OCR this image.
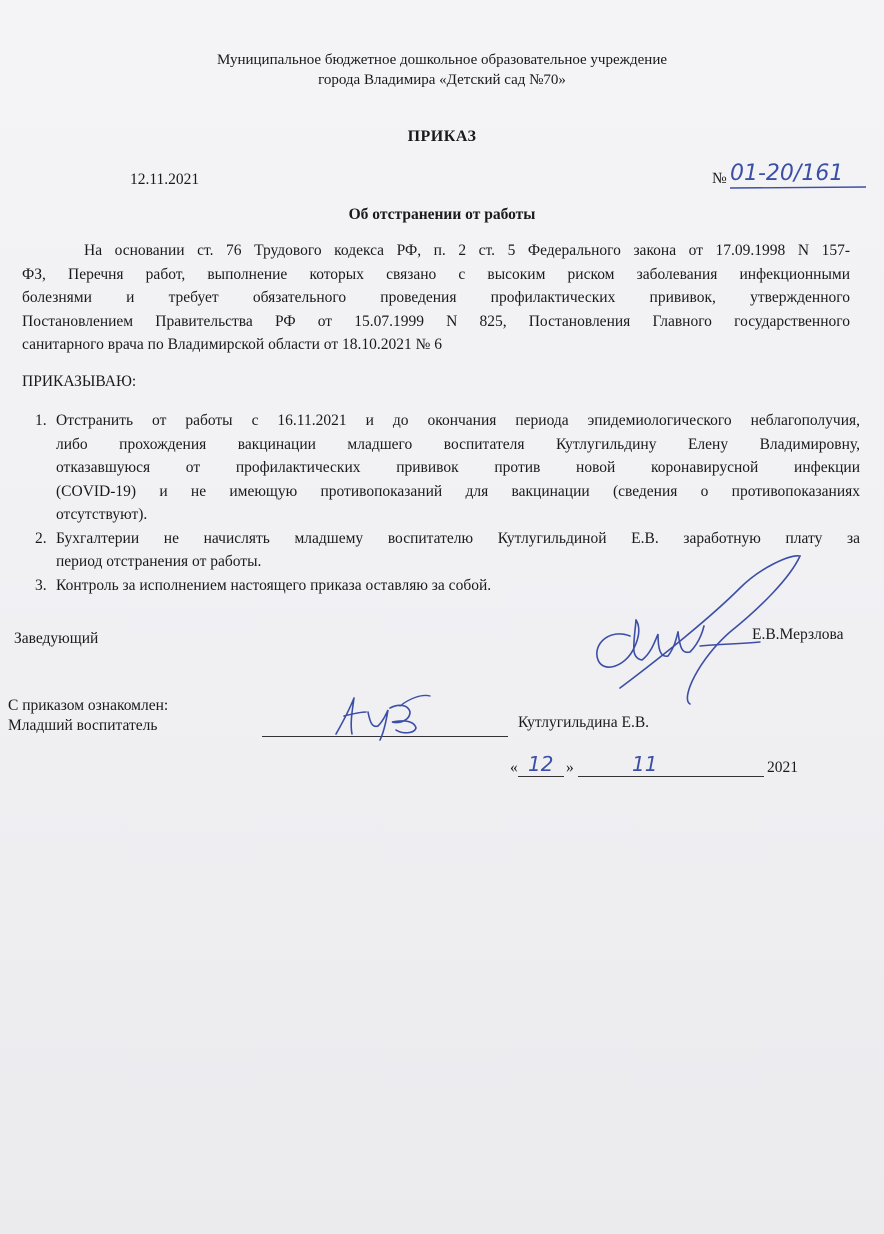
Муниципальное бюджетное дошкольное образовательное учреждение
города Владимира «Детский сад №70»
ПРИКАЗ
12.11.2021	№ 01-20/161
Об отстранении от работы
На основании ст. 76 Трудового кодекса РФ, п. 2 ст. 5 Федерального закона от 17.09.1998 N 157-
ФЗ, Перечня работ, выполнение которых связано с высоким риском заболевания инфекционными
болезнями и требует обязательного проведения профилактических прививок, утвержденного
Постановлением Правительства РФ от 15.07.1999 N 825, Постановления Главного государственного
санитарного врача по Владимирской области от 18.10.2021 № 6
ПРИКАЗЫВАЮ:
1. Отстранить от работы с 16.11.2021 и до окончания периода эпидемиологического неблагополучия,
либо прохождения вакцинации младшего воспитателя Кутлугильдину Елену Владимировну,
отказавшуюся от профилактических прививок против новой коронавирусной инфекции
(COVID-19) и не имеющую противопоказаний для вакцинации (сведения о противопоказаниях
отсутствуют).
2. Бухгалтерии не начислять младшему воспитателю Кутлугильдиной Е.В. заработную плату за
период отстранения от работы.
3. Контроль за исполнением настоящего приказа оставляю за собой.
Заведующий	Е.В.Мерзлова
С приказом ознакомлен:
Младший воспитатель	Кутлугильдина Е.В.
« 12 »	11	2021
